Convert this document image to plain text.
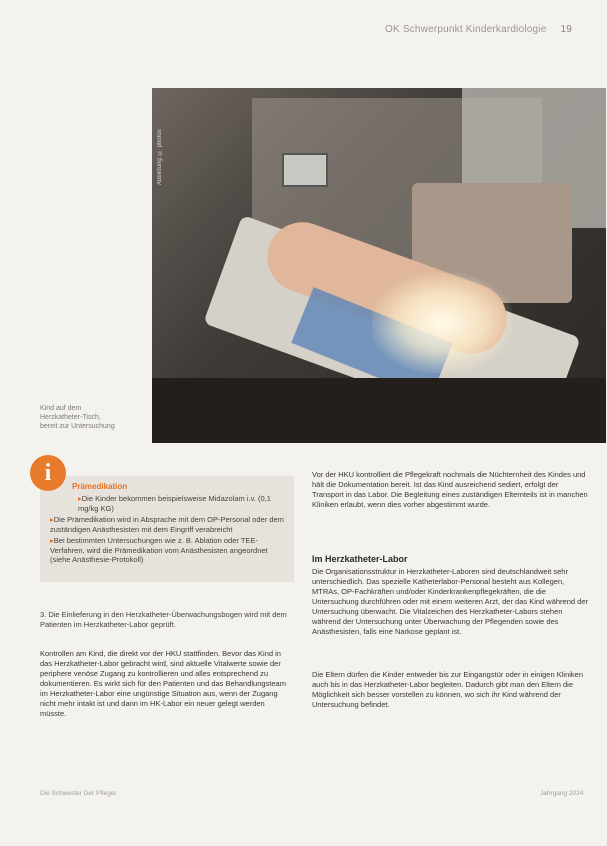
OK Schwerpunkt Kinderkardiologie 19
Abbildung: © photos
Kind auf dem Herzkatheter-Tisch, bereit zur Untersuchung
Prämedikation
▸ Die Kinder bekommen beispielsweise Midazolam i.v. (0,1 mg/kg KG)
▸ Die Prämedikation wird in Absprache mit dem OP-Personal oder dem zuständigen Anästhesisten mit dem Eingriff verabreicht
▸ Bei bestimmten Untersuchungen wie z. B. Ablation oder TEE-Verfahren, wird die Prämedikation vom Anästhesisten angeordnet (siehe Anästhesie-Protokoll)
i
3. Die Einlieferung in den Herzkatheter-Überwachungsbogen wird mit dem Patienten im Herzkatheter-Labor geprüft.
Kontrollen am Kind, die direkt vor der HKU stattfinden. Bevor das Kind in das Herzkatheter-Labor gebracht wird, sind aktuelle Vitalwerte sowie der periphere venöse Zugang zu kontrollieren und alles entsprechend zu dokumentieren. Es wirkt sich für den Patienten und das Behandlungsteam im Herzkatheter-Labor eine ungünstige Situation aus, wenn der Zugang nicht mehr intakt ist und dann im HK-Labor ein neuer gelegt werden müsste.
Vor der HKU kontrolliert die Pflegekraft nochmals die Nüchternheit des Kindes und hält die Dokumentation bereit. Ist das Kind ausreichend sediert, erfolgt der Transport in das Labor. Die Begleitung eines zuständigen Elternteils ist in manchen Kliniken erlaubt, wenn dies vorher abgestimmt wurde.
Im Herzkatheter-Labor
Die Organisationsstruktur in Herzkatheter-Laboren sind deutschlandweit sehr unterschiedlich. Das spezielle Katheterlabor-Personal besteht aus Kollegen, MTRAs, OP-Fachkräften und/oder Kinderkrankenpflegekräften, die die Untersuchung durchführen oder mit einem weiteren Arzt, der das Kind während der Untersuchung überwacht. Die Vitalzeichen des Herzkatheter-Labors stehen während der Untersuchung unter Überwachung der Pflegenden sowie des Anästhesisten, falls eine Narkose geplant ist.
Die Eltern dürfen die Kinder entweder bis zur Eingangstür oder in einigen Kliniken auch bis in das Herzkatheter-Labor begleiten. Dadurch gibt man den Eltern die Möglichkeit sich besser vorstellen zu können, wo sich ihr Kind während der Untersuchung befindet.
Die Schwester Der Pfleger	Jahrgang 2024
